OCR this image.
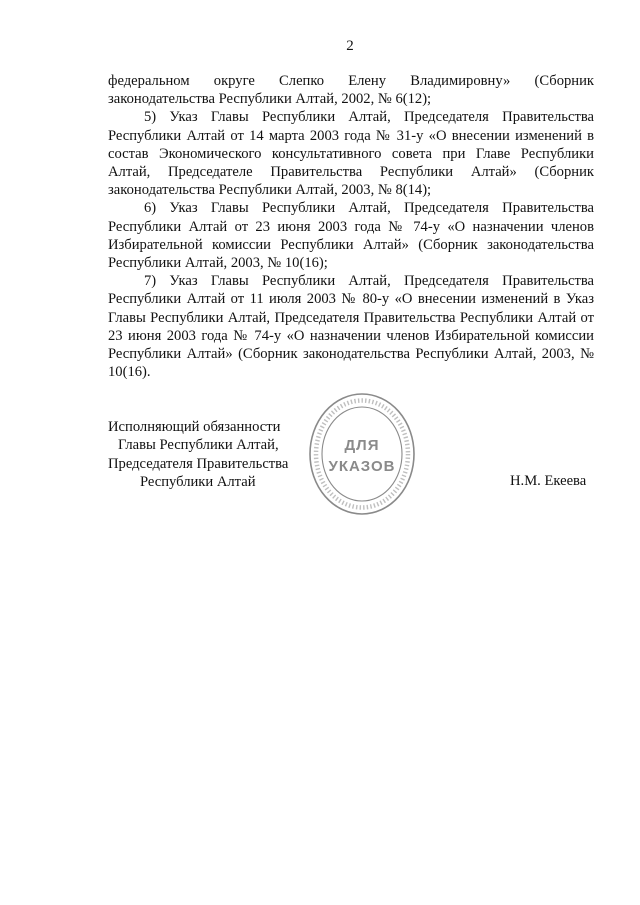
2

федеральном округе Слепко Елену Владимировну» (Сборник законодательства Республики Алтай, 2002, № 6(12);

5) Указ Главы Республики Алтай, Председателя Правительства Республики Алтай от 14 марта 2003 года № 31-у «О внесении изменений в состав Экономического консультативного совета при Главе Республики Алтай, Председателе Правительства Республики Алтай» (Сборник законодательства Республики Алтай, 2003, № 8(14);

6) Указ Главы Республики Алтай, Председателя Правительства Республики Алтай от 23 июня 2003 года № 74-у «О назначении членов Избирательной комиссии Республики Алтай» (Сборник законодательства Республики Алтай, 2003, № 10(16);

7) Указ Главы Республики Алтай, Председателя Правительства Республики Алтай от 11 июля 2003 № 80-у «О внесении изменений в Указ Главы Республики Алтай, Председателя Правительства Республики Алтай от 23 июня 2003 года № 74-у «О назначении членов Избирательной комиссии Республики Алтай» (Сборник законодательства Республики Алтай, 2003, № 10(16).

Исполняющий обязанности
Главы Республики Алтай,
Председателя Правительства
Республики Алтай	Н.М. Екеева
ДЛЯ
УКАЗОВ
